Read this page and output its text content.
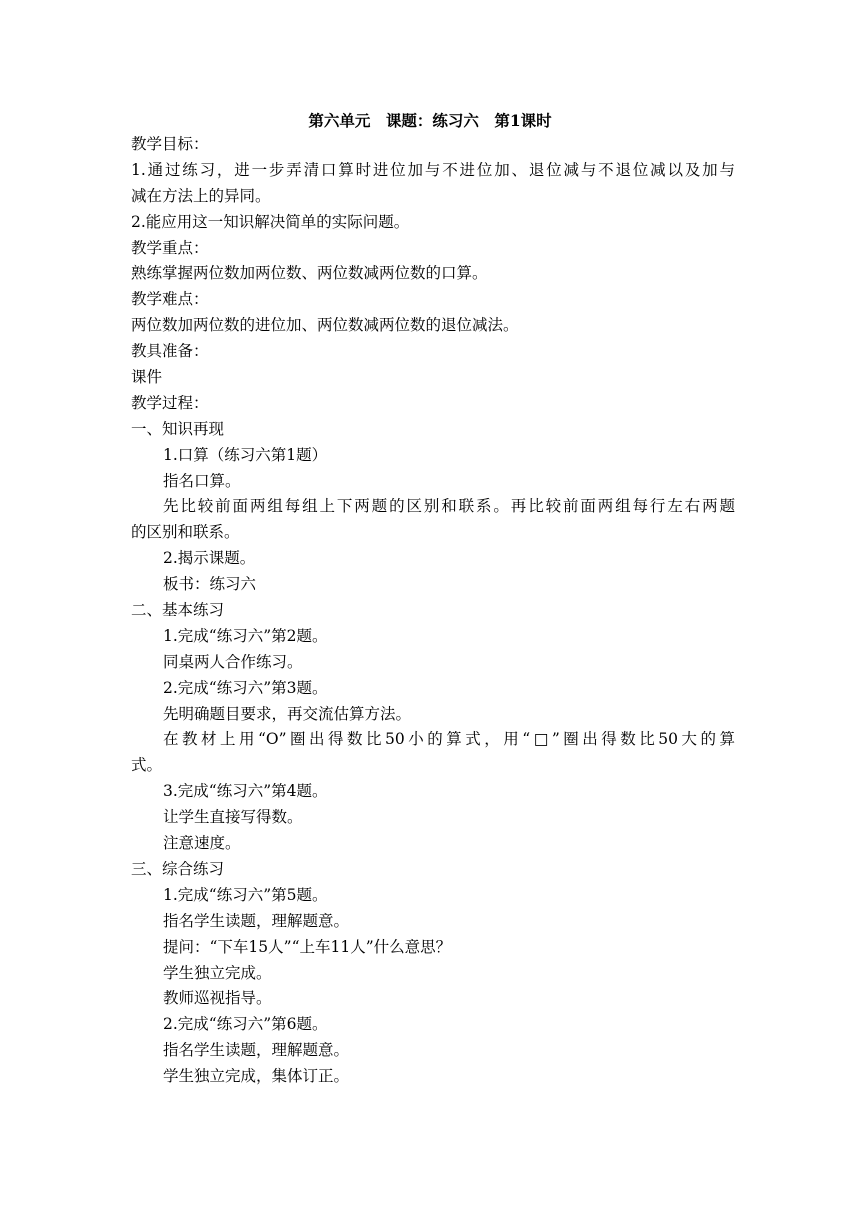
第六单元　课题：练习六　第1课时
教学目标：
1.通过练习，进一步弄清口算时进位加与不进位加、退位减与不退位减以及加与
减在方法上的异同。
2.能应用这一知识解决简单的实际问题。
教学重点：
熟练掌握两位数加两位数、两位数减两位数的口算。
教学难点：
两位数加两位数的进位加、两位数减两位数的退位减法。
教具准备：
课件
教学过程：
一、知识再现
1.口算（练习六第1题）
指名口算。
先比较前面两组每组上下两题的区别和联系。再比较前面两组每行左右两题
的区别和联系。
2.揭示课题。
板书：练习六
二、基本练习
1.完成“练习六”第2题。
同桌两人合作练习。
2.完成“练习六”第3题。
先明确题目要求，再交流估算方法。
在教材上用“O”圈出得数比50小的算式，用“□”圈出得数比50大的算
式。
3.完成“练习六”第4题。
让学生直接写得数。
注意速度。
三、综合练习
1.完成“练习六”第5题。
指名学生读题，理解题意。
提问：“下车15人”“上车11人”什么意思？
学生独立完成。
教师巡视指导。
2.完成“练习六”第6题。
指名学生读题，理解题意。
学生独立完成，集体订正。
